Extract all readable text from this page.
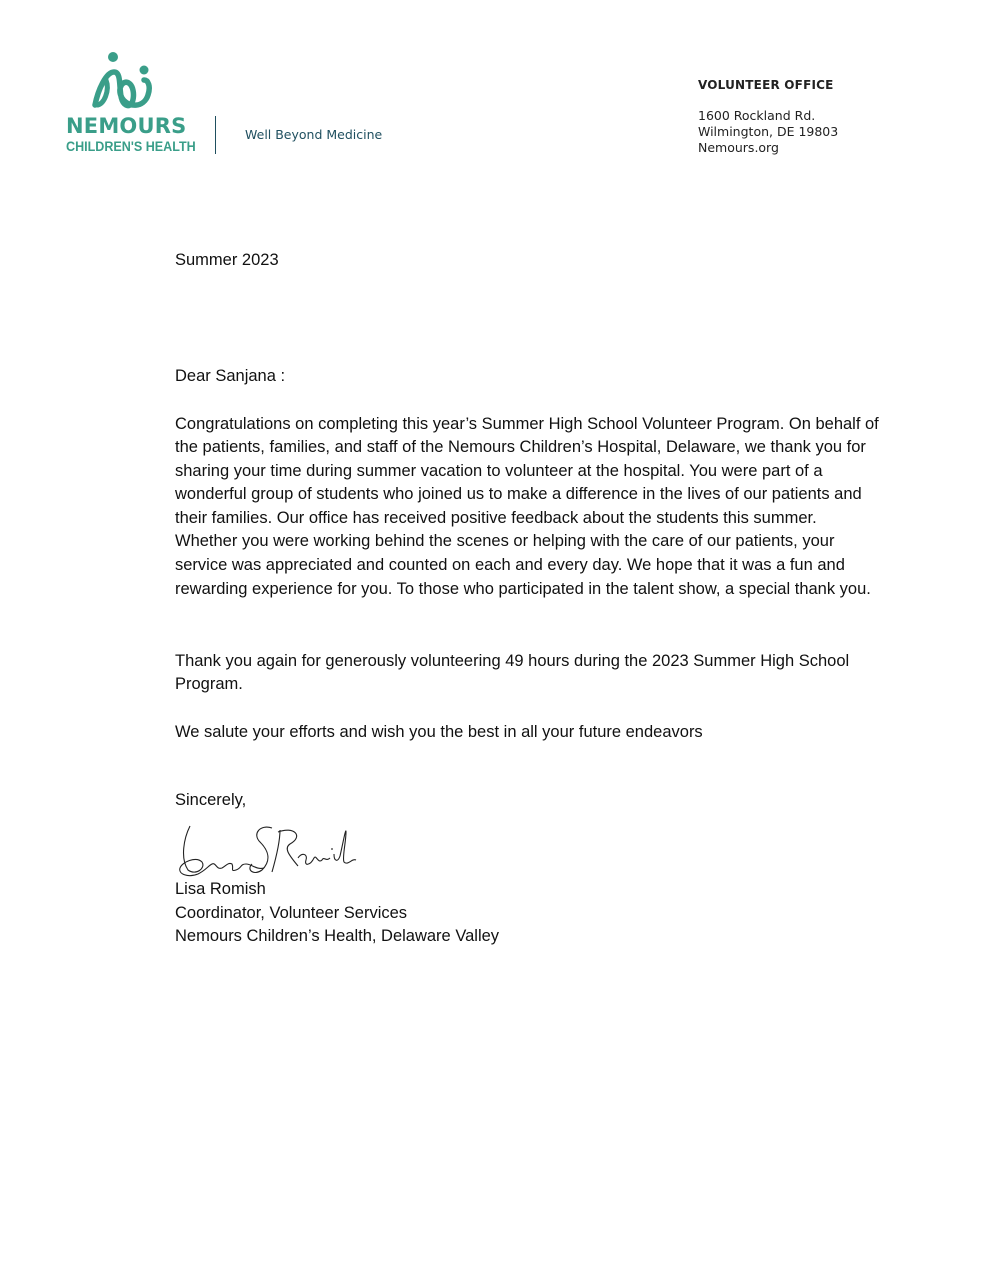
NEMOURS
CHILDREN'S HEALTH
Well Beyond Medicine
VOLUNTEER OFFICE
1600 Rockland Rd.
Wilmington, DE 19803
Nemours.org

Summer 2023

Dear Sanjana :

Congratulations on completing this year’s Summer High School Volunteer Program. On behalf of the patients, families, and staff of the Nemours Children’s Hospital, Delaware, we thank you for sharing your time during summer vacation to volunteer at the hospital. You were part of a wonderful group of students who joined us to make a difference in the lives of our patients and their families. Our office has received positive feedback about the students this summer. Whether you were working behind the scenes or helping with the care of our patients, your service was appreciated and counted on each and every day. We hope that it was a fun and rewarding experience for you. To those who participated in the talent show, a special thank you.

Thank you again for generously volunteering 49 hours during the 2023 Summer High School Program.

We salute your efforts and wish you the best in all your future endeavors

Sincerely,

Lisa Romish
Coordinator, Volunteer Services
Nemours Children’s Health, Delaware Valley
